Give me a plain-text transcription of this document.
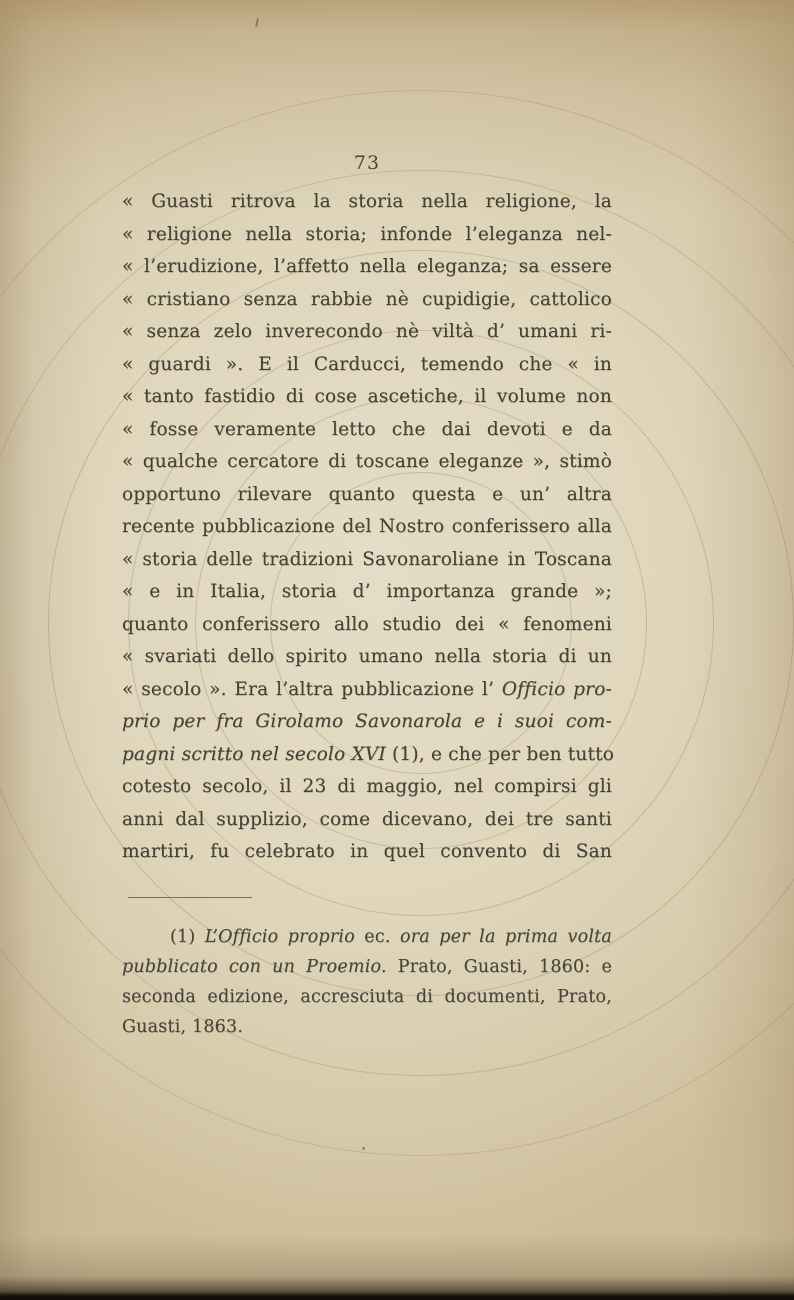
73
« Guasti ritrova la storia nella religione, la
« religione nella storia; infonde l’eleganza nel-
« l’erudizione, l’affetto nella eleganza; sa essere
« cristiano senza rabbie nè cupidigie, cattolico
« senza zelo inverecondo nè viltà d’ umani ri-
« guardi ». E il Carducci, temendo che « in
« tanto fastidio di cose ascetiche, il volume non
« fosse veramente letto che dai devoti e da
« qualche cercatore di toscane eleganze », stimò
opportuno rilevare quanto questa e un’ altra
recente pubblicazione del Nostro conferissero alla
« storia delle tradizioni Savonaroliane in Toscana
« e in Italia, storia d’ importanza grande »;
quanto conferissero allo studio dei « fenomeni
« svariati dello spirito umano nella storia di un
« secolo ». Era l’altra pubblicazione l’ Officio pro-
prio per fra Girolamo Savonarola e i suoi com-
pagni scritto nel secolo XVI (1), e che per ben tutto
cotesto secolo, il 23 di maggio, nel compirsi gli
anni dal supplizio, come dicevano, dei tre santi
martiri, fu celebrato in quel convento di San
(1) L’Officio proprio ec. ora per la prima volta
pubblicato con un Proemio. Prato, Guasti, 1860: e
seconda edizione, accresciuta di documenti, Prato,
Guasti, 1863.
